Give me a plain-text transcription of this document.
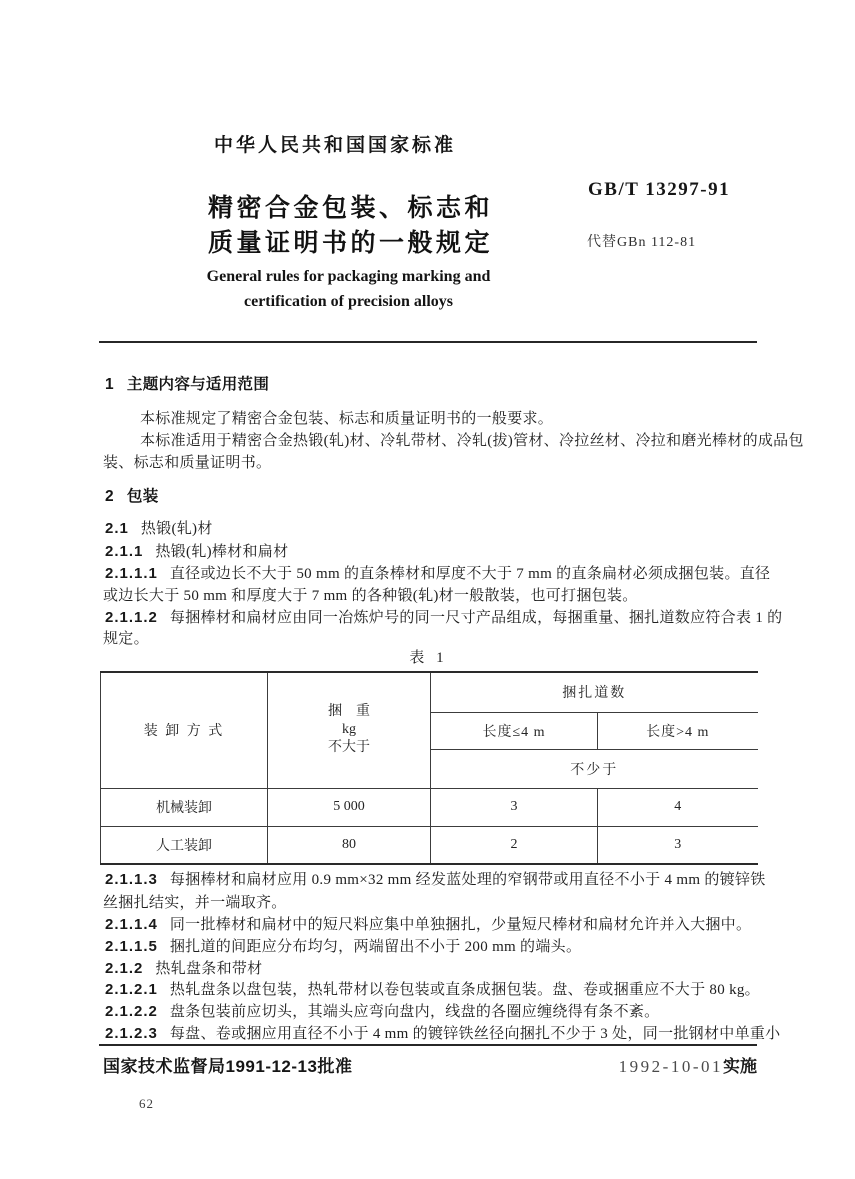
中华人民共和国国家标准
精密合金包装、标志和
质量证明书的一般规定
GB/T 13297-91
代替GBn 112-81
General rules for packaging marking and
certification of precision alloys
1 主题内容与适用范围
本标准规定了精密合金包装、标志和质量证明书的一般要求。
本标准适用于精密合金热锻(轧)材、冷轧带材、冷轧(拔)管材、冷拉丝材、冷拉和磨光棒材的成品包
装、标志和质量证明书。
2 包装
2.1 热锻(轧)材
2.1.1 热锻(轧)棒材和扁材
2.1.1.1 直径或边长不大于 50 mm 的直条棒材和厚度不大于 7 mm 的直条扁材必须成捆包装。直径
或边长大于 50 mm 和厚度大于 7 mm 的各种锻(轧)材一般散装，也可打捆包装。
2.1.1.2 每捆棒材和扁材应由同一冶炼炉号的同一尺寸产品组成，每捆重量、捆扎道数应符合表 1 的
规定。
表 1
装 卸 方 式	捆　重
kg
不大于	捆扎道数	
		长度≤4 m	长度>4 m
		不少于	
机械装卸	5 000	3	4
人工装卸	80	2	3
2.1.1.3 每捆棒材和扁材应用 0.9 mm×32 mm 经发蓝处理的窄钢带或用直径不小于 4 mm 的镀锌铁
丝捆扎结实，并一端取齐。
2.1.1.4 同一批棒材和扁材中的短尺料应集中单独捆扎，少量短尺棒材和扁材允许并入大捆中。
2.1.1.5 捆扎道的间距应分布均匀，两端留出不小于 200 mm 的端头。
2.1.2 热轧盘条和带材
2.1.2.1 热轧盘条以盘包装，热轧带材以卷包装或直条成捆包装。盘、卷或捆重应不大于 80 kg。
2.1.2.2 盘条包装前应切头，其端头应弯向盘内，线盘的各圈应缠绕得有条不紊。
2.1.2.3 每盘、卷或捆应用直径不小于 4 mm 的镀锌铁丝径向捆扎不少于 3 处，同一批钢材中单重小
国家技术监督局1991-12-13批准	1992-10-01实施
62
